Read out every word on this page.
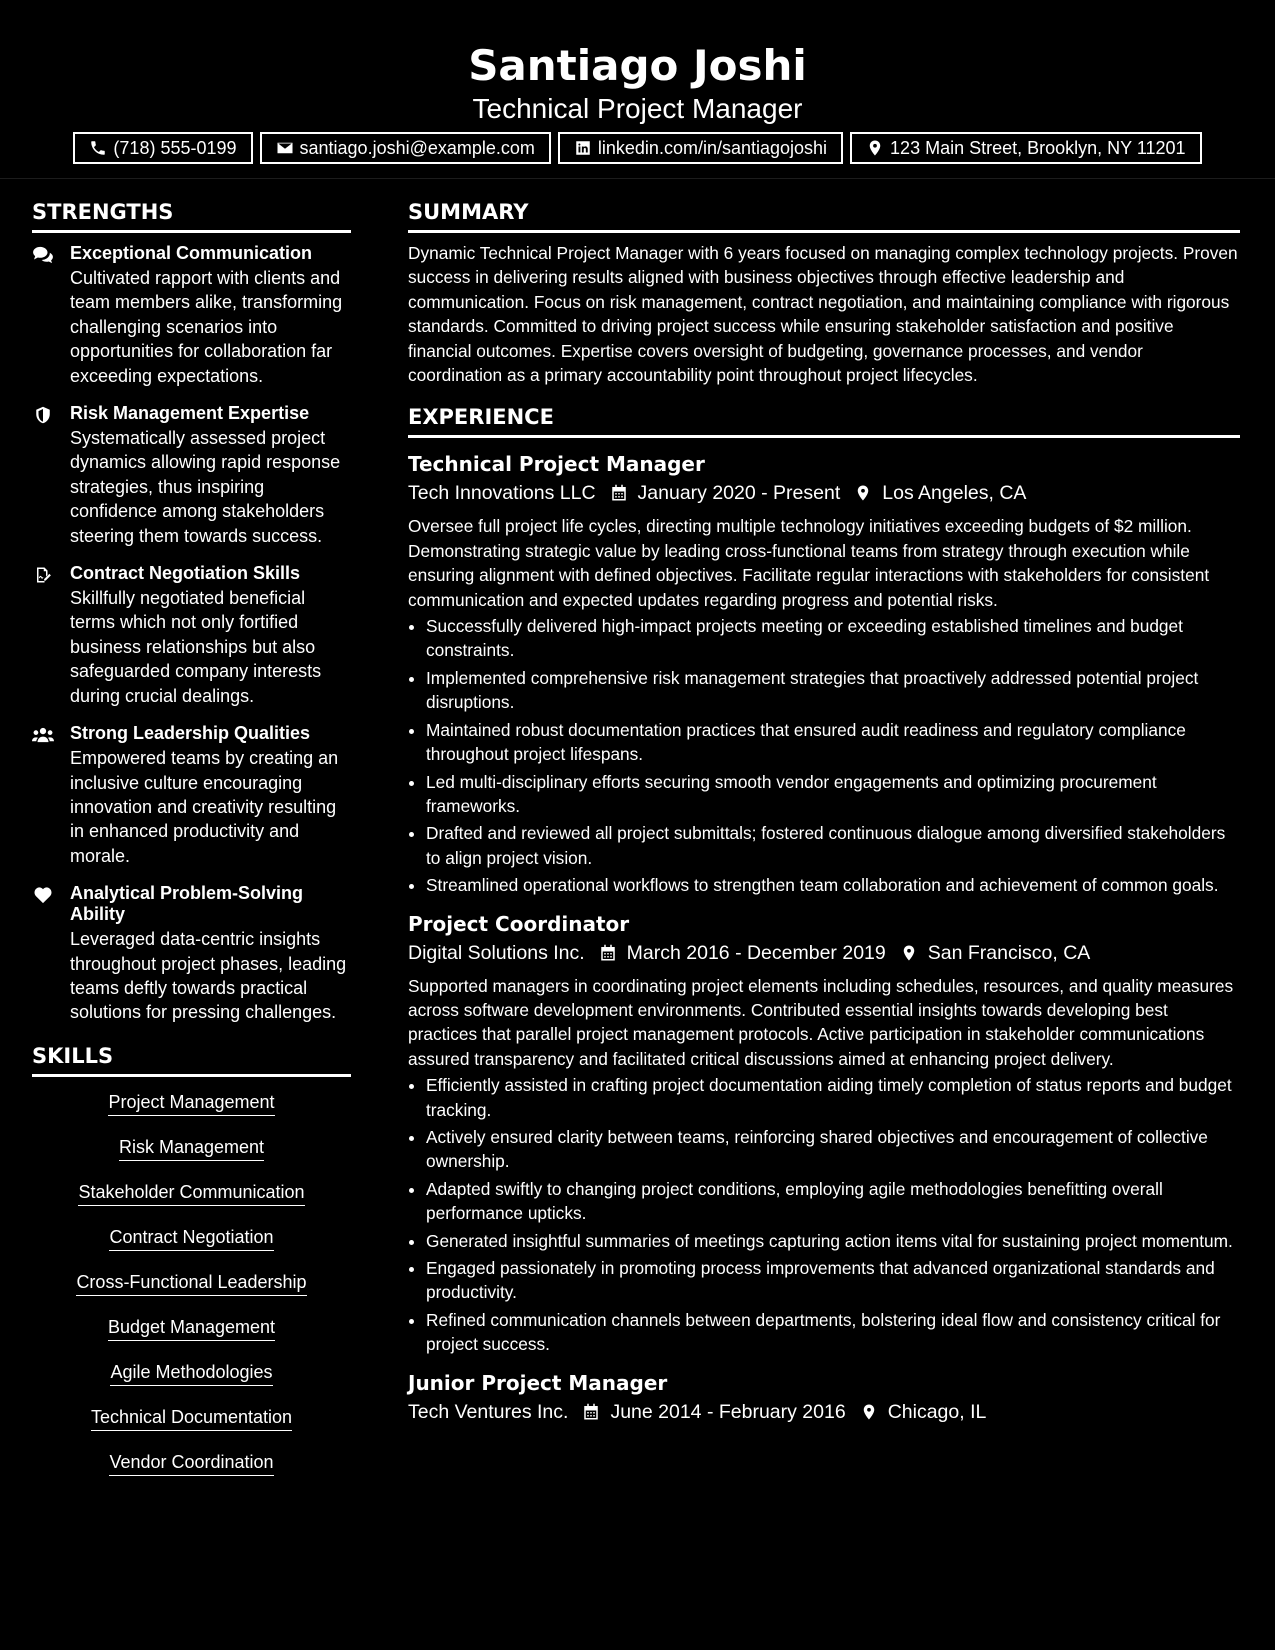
Santiago Joshi

Technical Project Manager

(718) 555-0199	santiago.joshi@example.com	linkedin.com/in/santiagojoshi	123 Main Street, Brooklyn, NY 11201
STRENGTHS
Exceptional Communication

Cultivated rapport with clients and team members alike, transforming challenging scenarios into opportunities for collaboration far exceeding expectations.

Risk Management Expertise

Systematically assessed project dynamics allowing rapid response strategies, thus inspiring confidence among stakeholders steering them towards success.

Contract Negotiation Skills

Skillfully negotiated beneficial terms which not only fortified business relationships but also safeguarded company interests during crucial dealings.

Strong Leadership Qualities

Empowered teams by creating an inclusive culture encouraging innovation and creativity resulting in enhanced productivity and morale.

Analytical Problem-Solving Ability

Leveraged data-centric insights throughout project phases, leading teams deftly towards practical solutions for pressing challenges.

SKILLS
Project Management
Risk Management
Stakeholder Communication
Contract Negotiation
Cross-Functional Leadership
Budget Management
Agile Methodologies
Technical Documentation
Vendor Coordination
SUMMARY

Dynamic Technical Project Manager with 6 years focused on managing complex technology projects. Proven success in delivering results aligned with business objectives through effective leadership and communication. Focus on risk management, contract negotiation, and maintaining compliance with rigorous standards. Committed to driving project success while ensuring stakeholder satisfaction and positive financial outcomes. Expertise covers oversight of budgeting, governance processes, and vendor coordination as a primary accountability point throughout project lifecycles.

EXPERIENCE
Technical Project Manager
Tech Innovations LLC January 2020 - Present Los Angeles, CA

Oversee full project life cycles, directing multiple technology initiatives exceeding budgets of $2 million. Demonstrating strategic value by leading cross-functional teams from strategy through execution while ensuring alignment with defined objectives. Facilitate regular interactions with stakeholders for consistent communication and expected updates regarding progress and potential risks.

• Successfully delivered high-impact projects meeting or exceeding established timelines and budget constraints.
• Implemented comprehensive risk management strategies that proactively addressed potential project disruptions.
• Maintained robust documentation practices that ensured audit readiness and regulatory compliance throughout project lifespans.
• Led multi-disciplinary efforts securing smooth vendor engagements and optimizing procurement frameworks.
• Drafted and reviewed all project submittals; fostered continuous dialogue among diversified stakeholders to align project vision.
• Streamlined operational workflows to strengthen team collaboration and achievement of common goals.
Project Coordinator
Digital Solutions Inc. March 2016 - December 2019 San Francisco, CA

Supported managers in coordinating project elements including schedules, resources, and quality measures across software development environments. Contributed essential insights towards developing best practices that parallel project management protocols. Active participation in stakeholder communications assured transparency and facilitated critical discussions aimed at enhancing project delivery.

• Efficiently assisted in crafting project documentation aiding timely completion of status reports and budget tracking.
• Actively ensured clarity between teams, reinforcing shared objectives and encouragement of collective ownership.
• Adapted swiftly to changing project conditions, employing agile methodologies benefitting overall performance upticks.
• Generated insightful summaries of meetings capturing action items vital for sustaining project momentum.
• Engaged passionately in promoting process improvements that advanced organizational standards and productivity.
• Refined communication channels between departments, bolstering ideal flow and consistency critical for project success.
Junior Project Manager
Tech Ventures Inc. June 2014 - February 2016 Chicago, IL
